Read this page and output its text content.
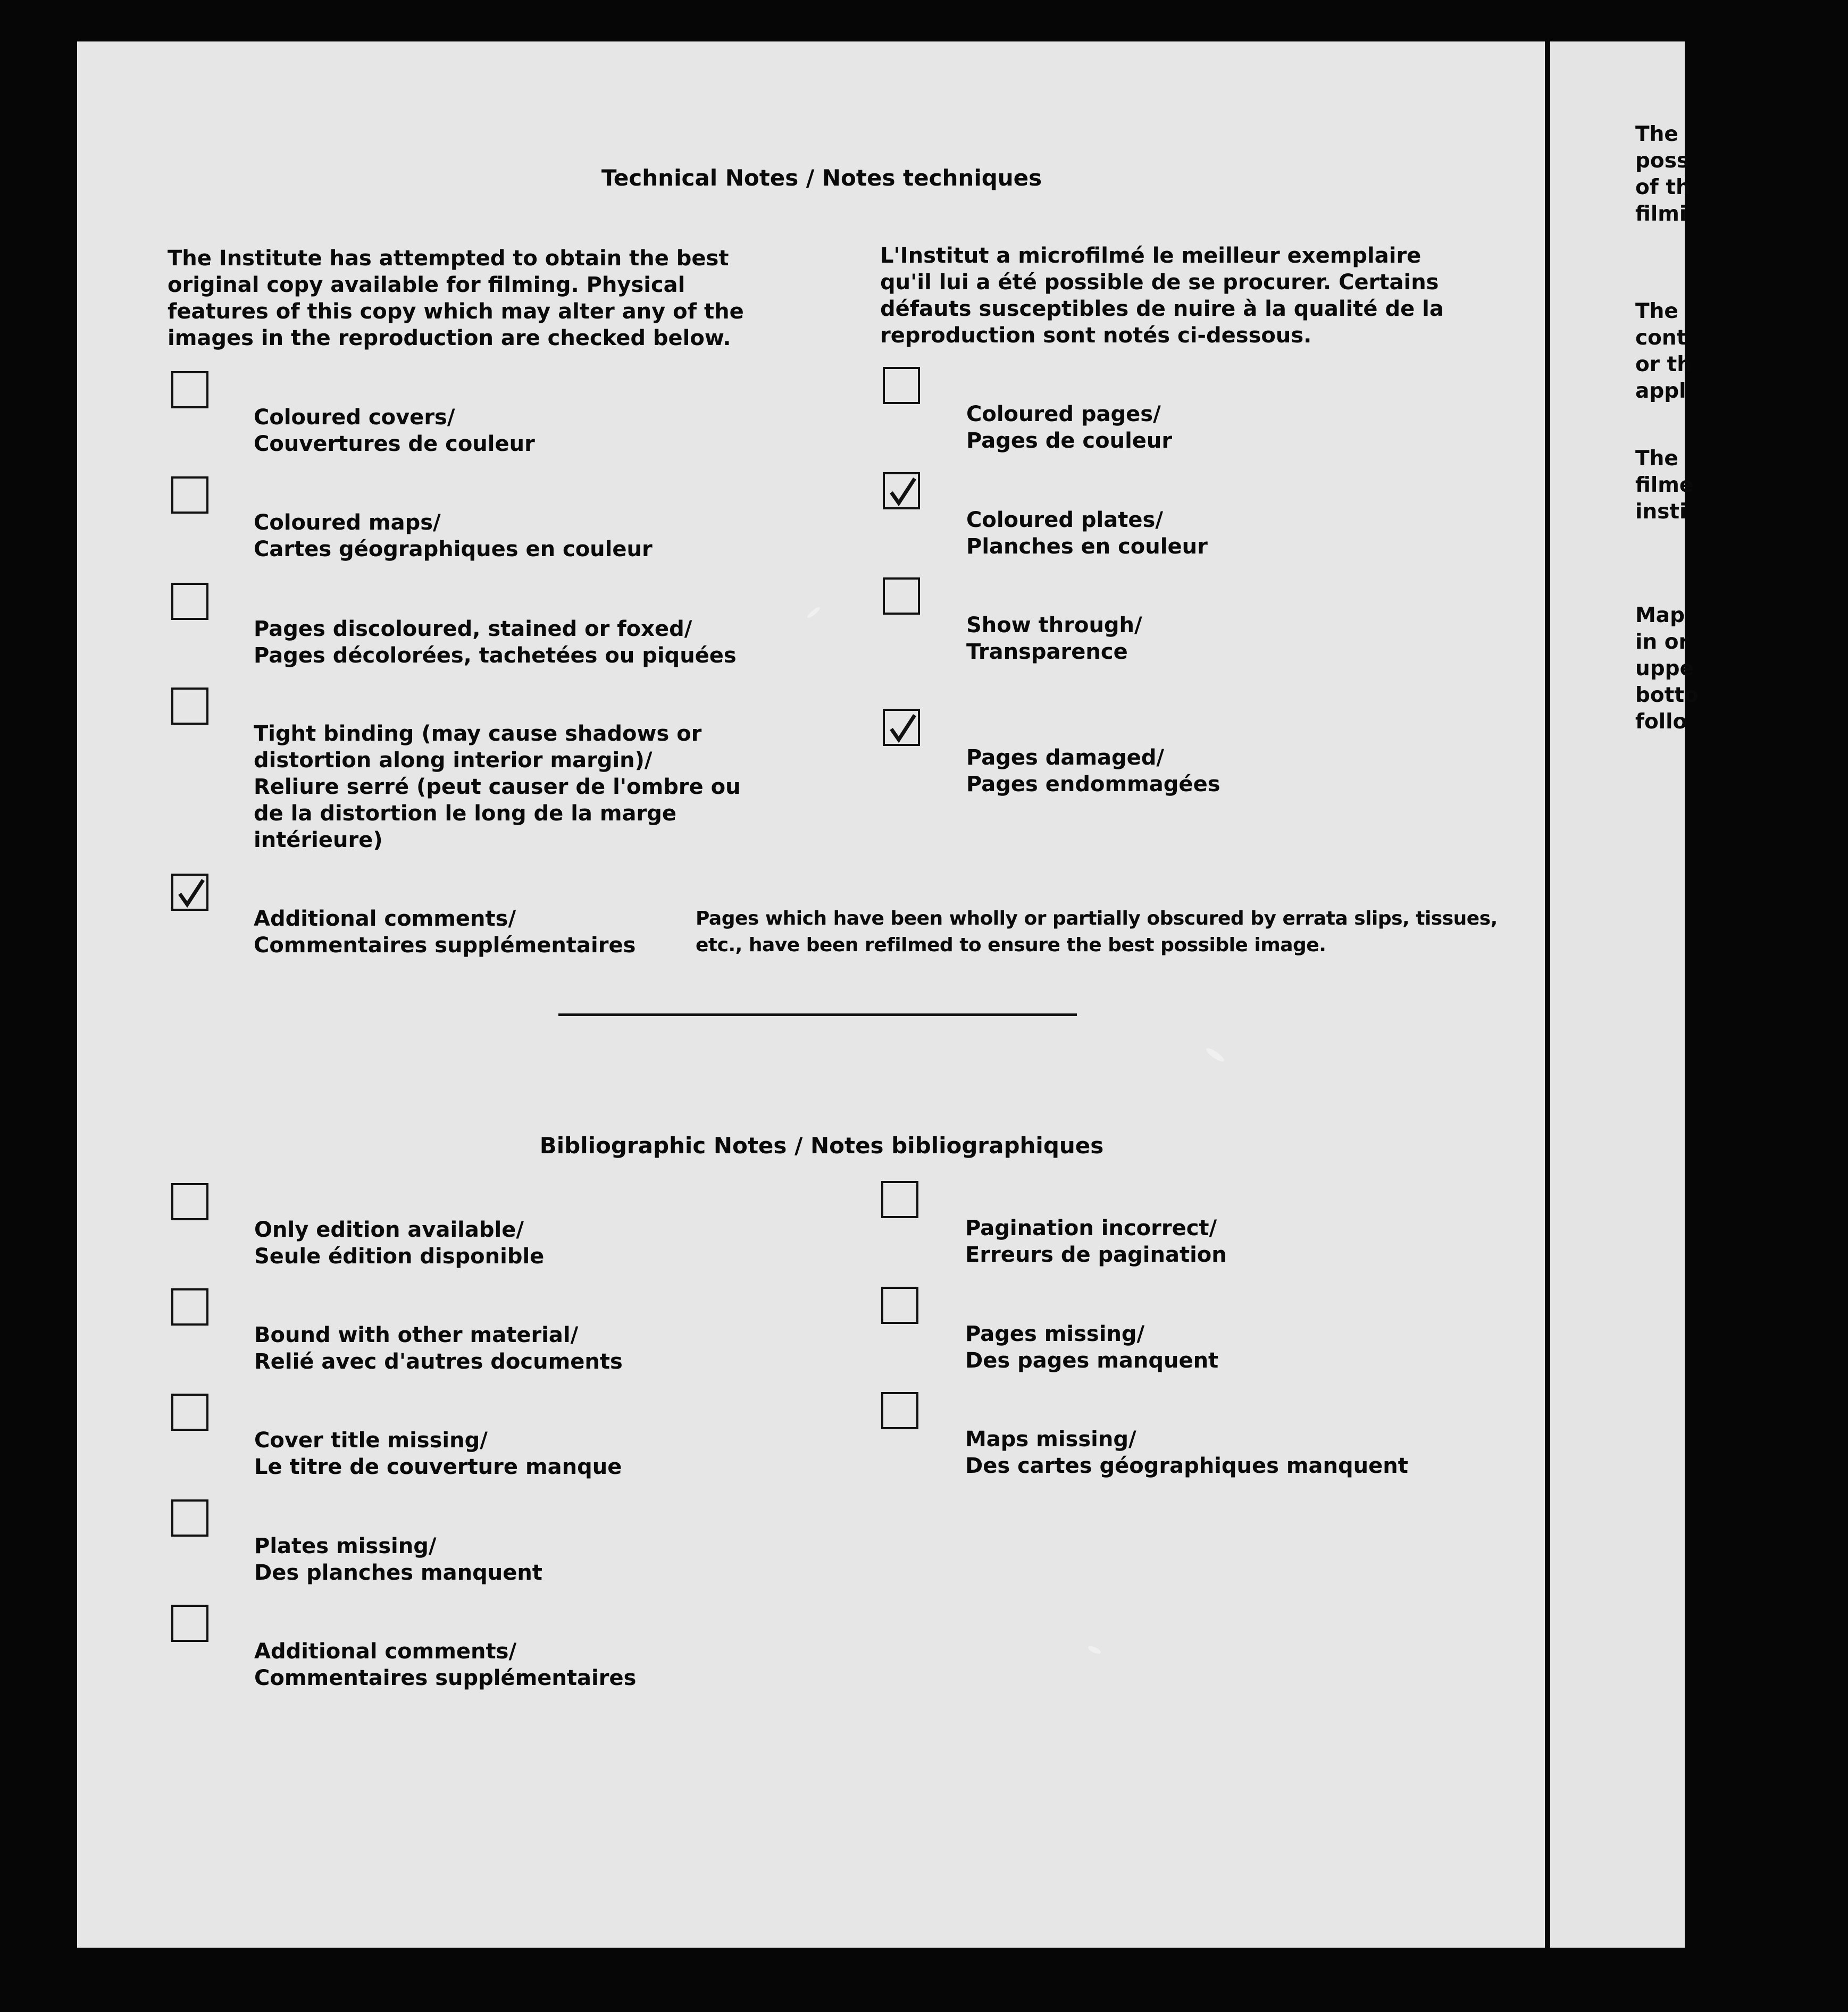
Technical Notes / Notes techniques
The Institute has attempted to obtain the best
original copy available for filming. Physical
features of this copy which may alter any of the
images in the reproduction are checked below.
L'Institut a microfilmé le meilleur exemplaire
qu'il lui a été possible de se procurer. Certains
défauts susceptibles de nuire à la qualité de la
reproduction sont notés ci-dessous.
Coloured covers/
Couvertures de couleur
Coloured maps/
Cartes géographiques en couleur
Pages discoloured, stained or foxed/
Pages décolorées, tachetées ou piquées
Tight binding (may cause shadows or
distortion along interior margin)/
Reliure serré (peut causer de l'ombre ou
de la distortion le long de la marge
intérieure)
Additional comments/
Commentaires supplémentaires
Pages which have been wholly or partially obscured by errata slips, tissues,
etc., have been refilmed to ensure the best possible image.
Coloured pages/
Pages de couleur
Coloured plates/
Planches en couleur
Show through/
Transparence
Pages damaged/
Pages endommagées
Bibliographic Notes / Notes bibliographiques
Only edition available/
Seule édition disponible
Bound with other material/
Relié avec d'autres documents
Cover title missing/
Le titre de couverture manque
Plates missing/
Des planches manquent
Additional comments/
Commentaires supplémentaires
Pagination incorrect/
Erreurs de pagination
Pages missing/
Des pages manquent
Maps missing/
Des cartes géographiques manquent
The
poss
of th
filmi
The
cont
or th
appl
The
filme
insti
Map
in or
uppe
botto
follo
